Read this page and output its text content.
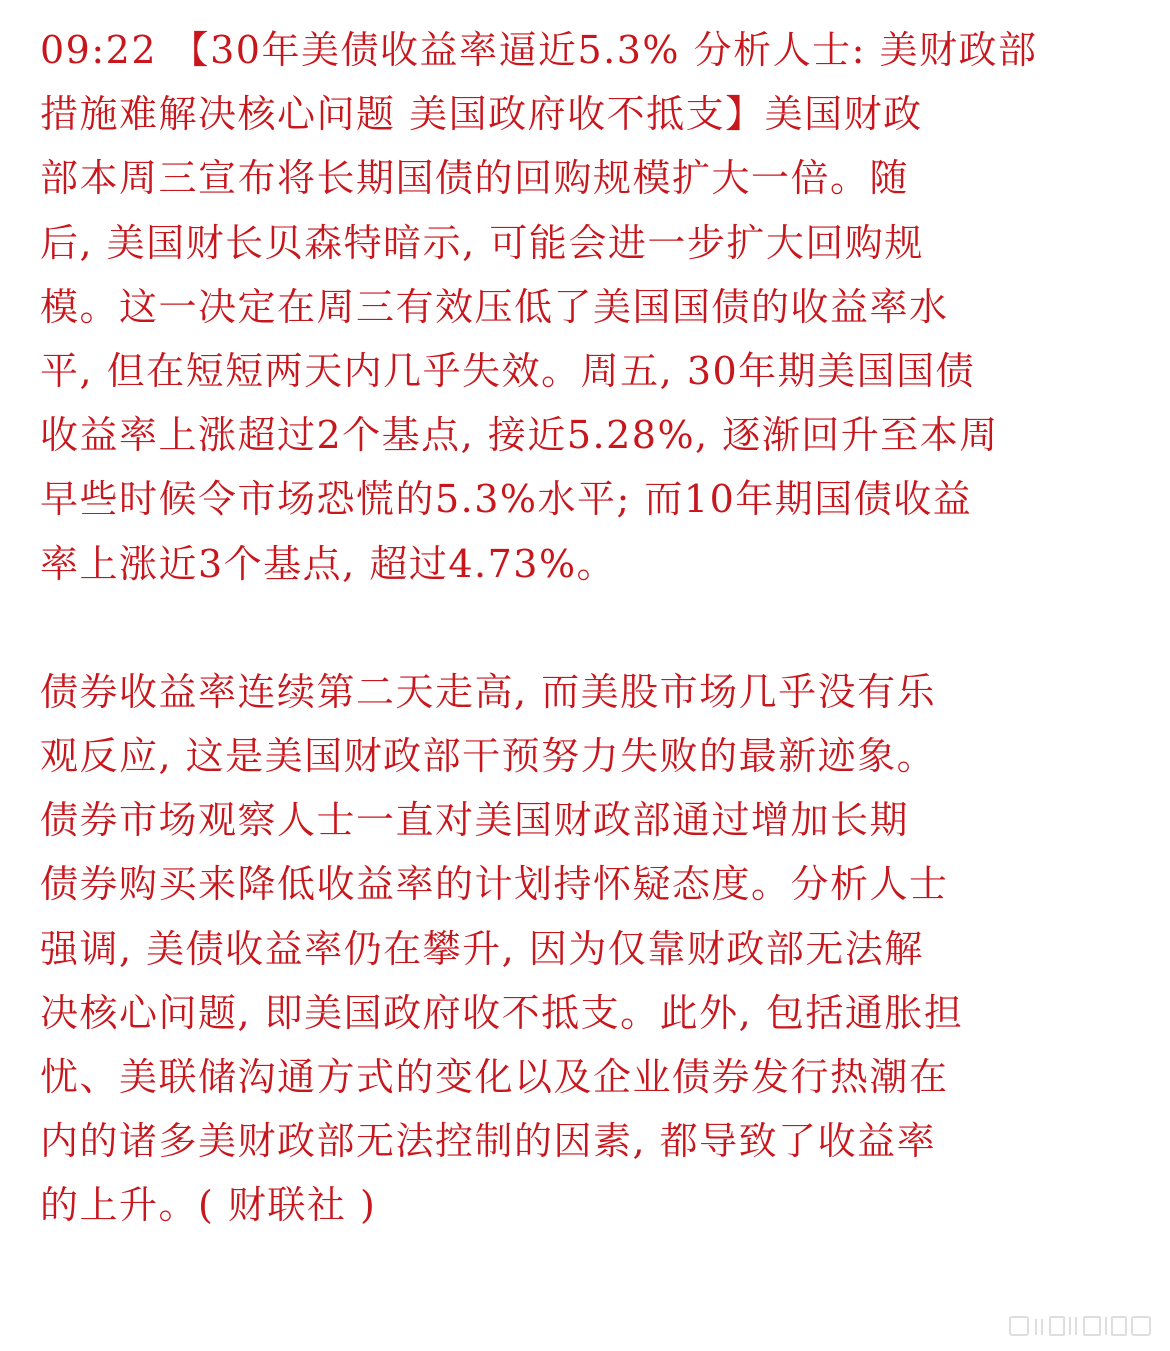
09:22 【30年美债收益率逼近5.3% 分析人士: 美财政部
措施难解决核心问题 美国政府收不抵支】美国财政
部本周三宣布将长期国债的回购规模扩大一倍。随
后, 美国财长贝森特暗示, 可能会进一步扩大回购规
模。这一决定在周三有效压低了美国国债的收益率水
平, 但在短短两天内几乎失效。周五, 30年期美国国债
收益率上涨超过2个基点, 接近5.28%, 逐渐回升至本周
早些时候令市场恐慌的5.3%水平; 而10年期国债收益
率上涨近3个基点, 超过4.73%。
债券收益率连续第二天走高, 而美股市场几乎没有乐
观反应, 这是美国财政部干预努力失败的最新迹象。
债券市场观察人士一直对美国财政部通过增加长期
债券购买来降低收益率的计划持怀疑态度。分析人士
强调, 美债收益率仍在攀升, 因为仅靠财政部无法解
决核心问题, 即美国政府收不抵支。此外, 包括通胀担
忧、美联储沟通方式的变化以及企业债券发行热潮在
内的诸多美财政部无法控制的因素, 都导致了收益率
的上升。( 财联社 )
